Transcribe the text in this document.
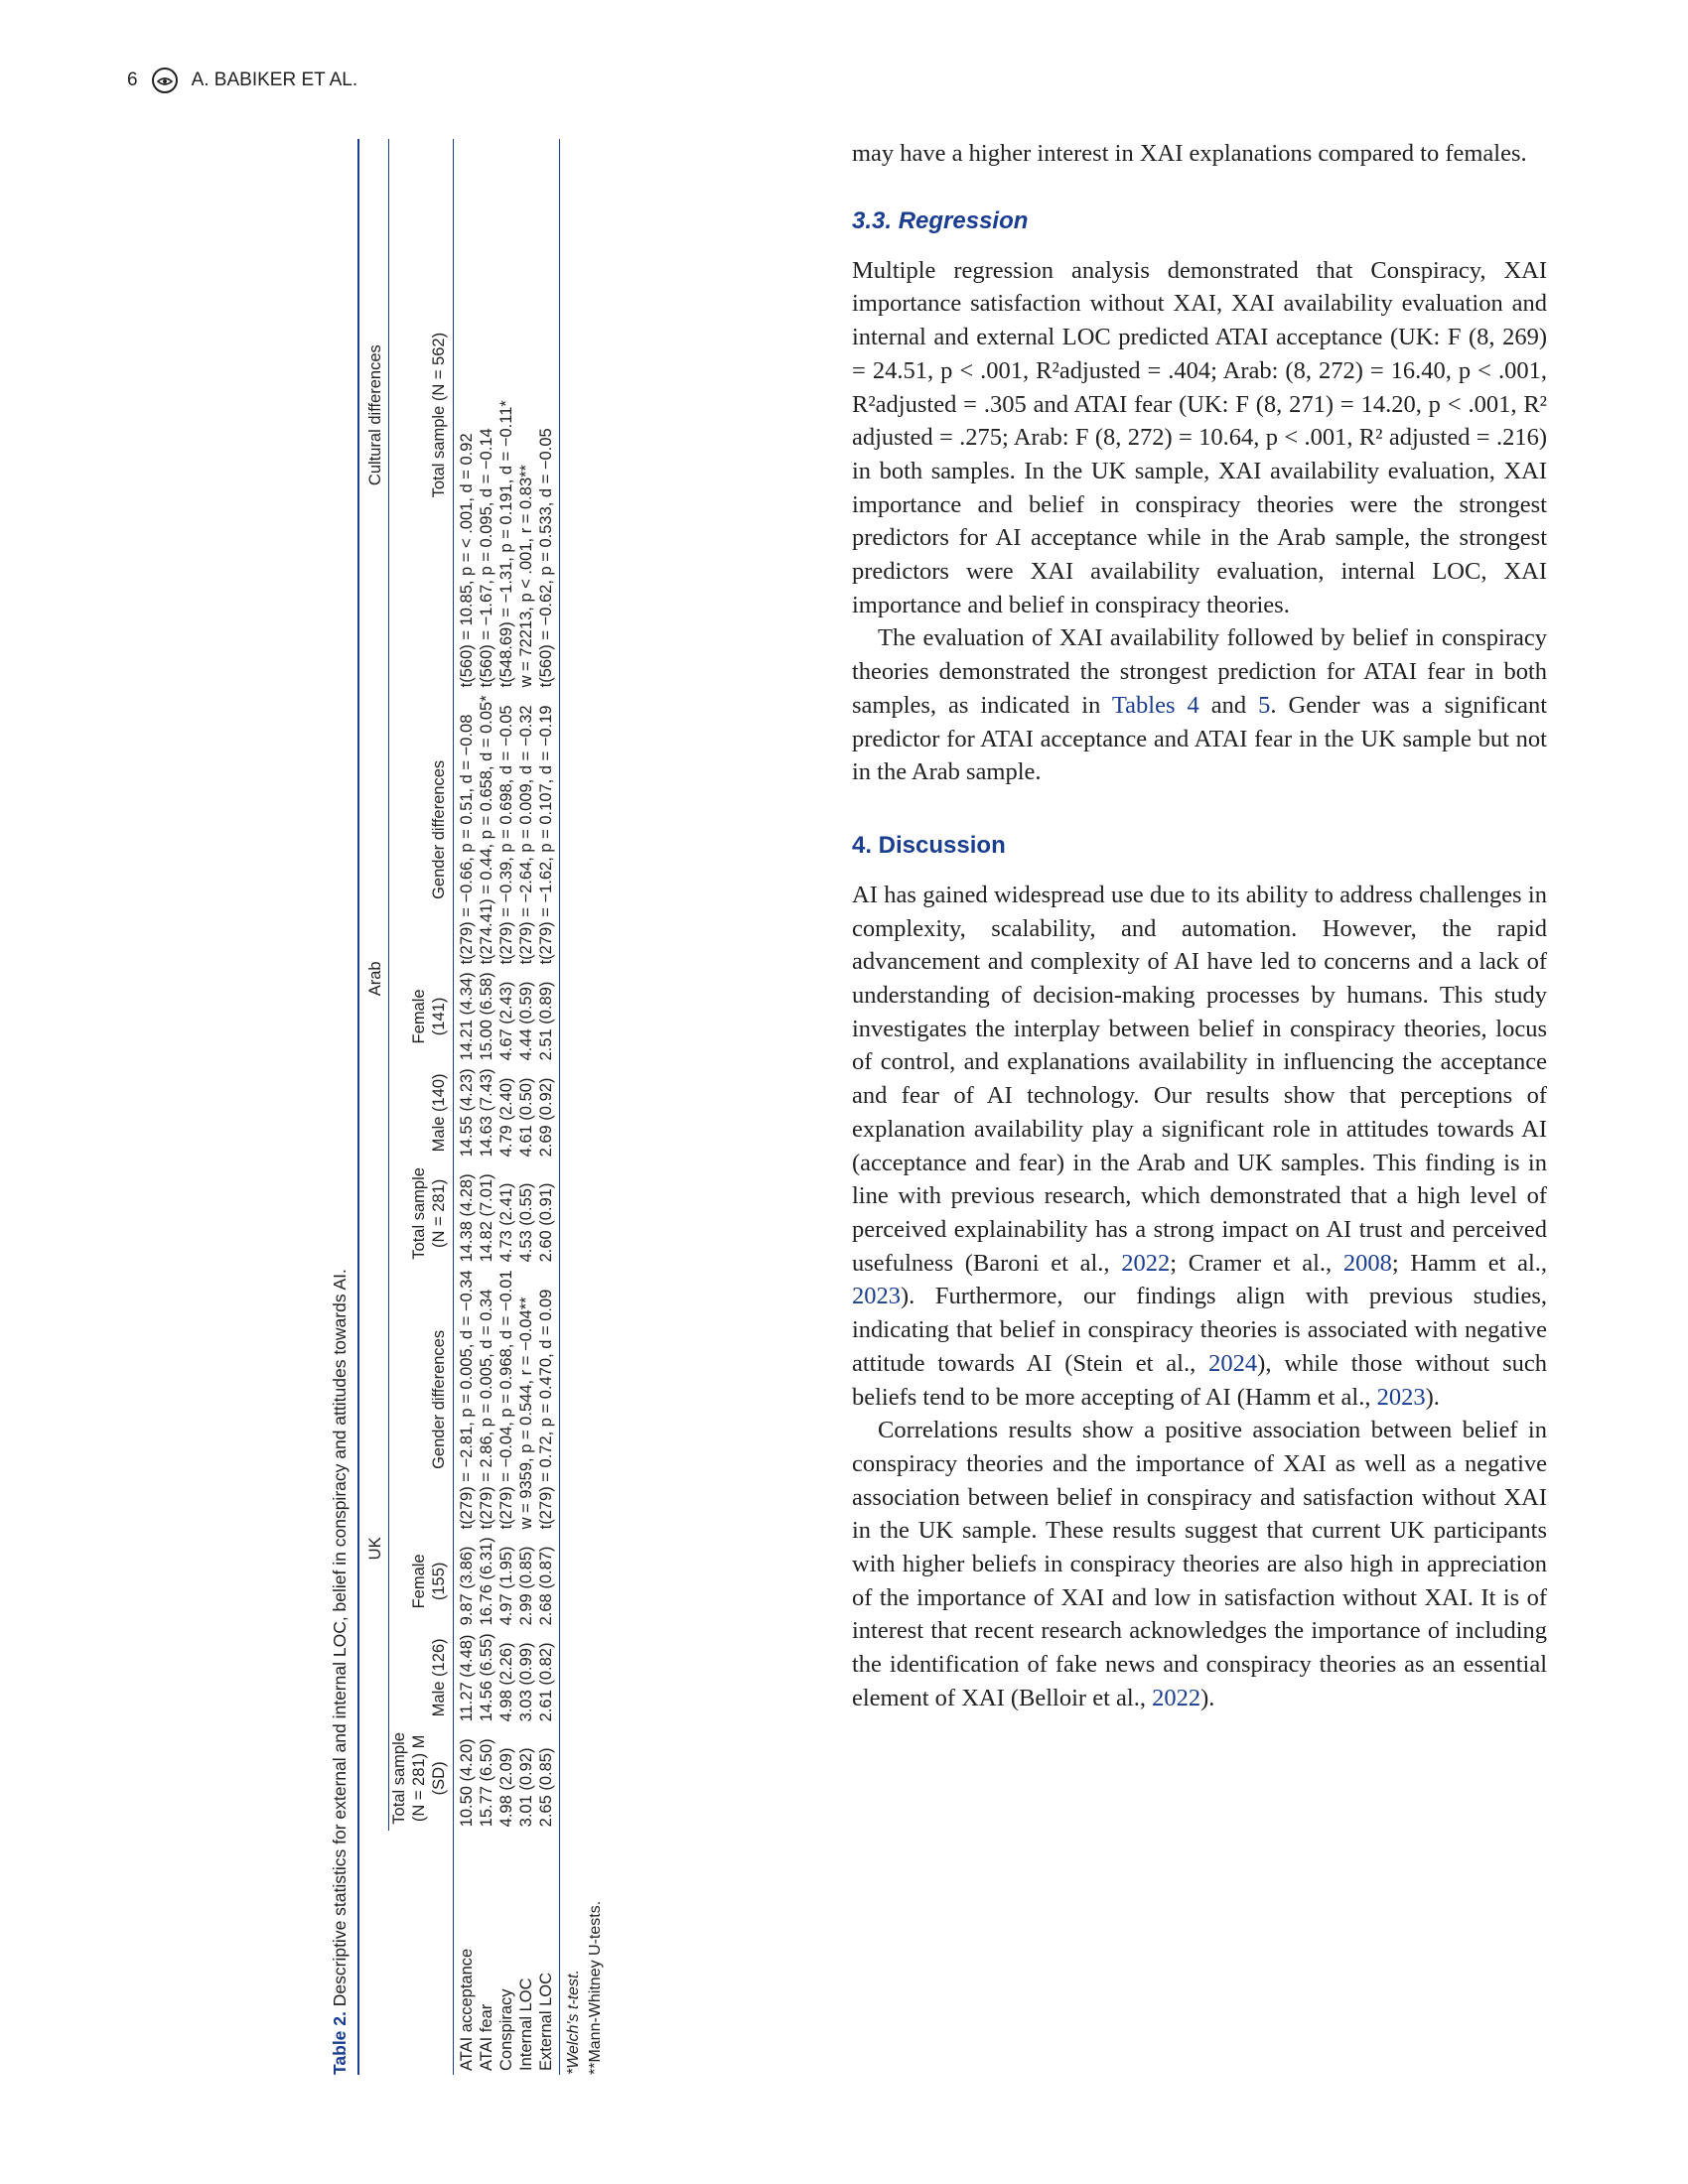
6	A. BABIKER ET AL.
Table 2. Descriptive statistics for external and internal LOC, belief in conspiracy and attitudes towards AI.
	UK				Arab				Cultural differences
	Total sample (N = 281) M (SD)	Male (126)	Female (155)	Gender differences	Total sample (N = 281)	Male (140)	Female (141)	Gender differences	Total sample (N = 562)
ATAI acceptance	10.50 (4.20)	11.27 (4.48)	9.87 (3.86)	t(279) = −2.81, p = 0.005, d = −0.34	14.38 (4.28)	14.55 (4.23)	14.21 (4.34)	t(279) = −0.66, p = 0.51, d = −0.08	t(560) = 10.85, p = < .001, d = 0.92
ATAI fear	15.77 (6.50)	14.56 (6.55)	16.76 (6.31)	t(279) = 2.86, p = 0.005, d = 0.34	14.82 (7.01)	14.63 (7.43)	15.00 (6.58)	t(274.41) = 0.44, p = 0.658, d = 0.05*	t(560) = −1.67, p = 0.095, d = −0.14
Conspiracy	4.98 (2.09)	4.98 (2.26)	4.97 (1.95)	t(279) = −0.04, p = 0.968, d = −0.01	4.73 (2.41)	4.79 (2.40)	4.67 (2.43)	t(279) = −0.39, p = 0.698, d = −0.05	t(548.69) = −1.31, p = 0.191, d = −0.11*
Internal LOC	3.01 (0.92)	3.03 (0.99)	2.99 (0.85)	w = 9359, p = 0.544, r = −0.04**	4.53 (0.55)	4.61 (0.50)	4.44 (0.59)	t(279) = −2.64, p = 0.009, d = −0.32	w = 72213, p < .001, r = 0.83**
External LOC	2.65 (0.85)	2.61 (0.82)	2.68 (0.87)	t(279) = 0.72, p = 0.470, d = 0.09	2.60 (0.91)	2.69 (0.92)	2.51 (0.89)	t(279) = −1.62, p = 0.107, d = −0.19	t(560) = −0.62, p = 0.533, d = −0.05
*Welch's t-test. **Mann-Whitney U-tests.

may have a higher interest in XAI explanations compared to females.

3.3. Regression

Multiple regression analysis demonstrated that Conspiracy, XAI importance satisfaction without XAI, XAI availability evaluation and internal and external LOC predicted ATAI acceptance (UK: F (8, 269) = 24.51, p < .001, R²adjusted = .404; Arab: (8, 272) = 16.40, p < .001, R²adjusted = .305 and ATAI fear (UK: F (8, 271) = 14.20, p < .001, R² adjusted = .275; Arab: F (8, 272) = 10.64, p < .001, R² adjusted = .216) in both samples. In the UK sample, XAI availability evaluation, XAI importance and belief in conspiracy theories were the strongest predictors for AI acceptance while in the Arab sample, the strongest predictors were XAI availability evaluation, internal LOC, XAI importance and belief in conspiracy theories.

The evaluation of XAI availability followed by belief in conspiracy theories demonstrated the strongest prediction for ATAI fear in both samples, as indicated in Tables 4 and 5. Gender was a significant predictor for ATAI acceptance and ATAI fear in the UK sample but not in the Arab sample.

4. Discussion

AI has gained widespread use due to its ability to address challenges in complexity, scalability, and automation. However, the rapid advancement and complexity of AI have led to concerns and a lack of understanding of decision-making processes by humans. This study investigates the interplay between belief in conspiracy theories, locus of control, and explanations availability in influencing the acceptance and fear of AI technology. Our results show that perceptions of explanation availability play a significant role in attitudes towards AI (acceptance and fear) in the Arab and UK samples. This finding is in line with previous research, which demonstrated that a high level of perceived explainability has a strong impact on AI trust and perceived usefulness (Baroni et al., 2022; Cramer et al., 2008; Hamm et al., 2023). Furthermore, our findings align with previous studies, indicating that belief in conspiracy theories is associated with negative attitude towards AI (Stein et al., 2024), while those without such beliefs tend to be more accepting of AI (Hamm et al., 2023).

Correlations results show a positive association between belief in conspiracy theories and the importance of XAI as well as a negative association between belief in conspiracy and satisfaction without XAI in the UK sample. These results suggest that current UK participants with higher beliefs in conspiracy theories are also high in appreciation of the importance of XAI and low in satisfaction without XAI. It is of interest that recent research acknowledges the importance of including the identification of fake news and conspiracy theories as an essential element of XAI (Belloir et al., 2022).
